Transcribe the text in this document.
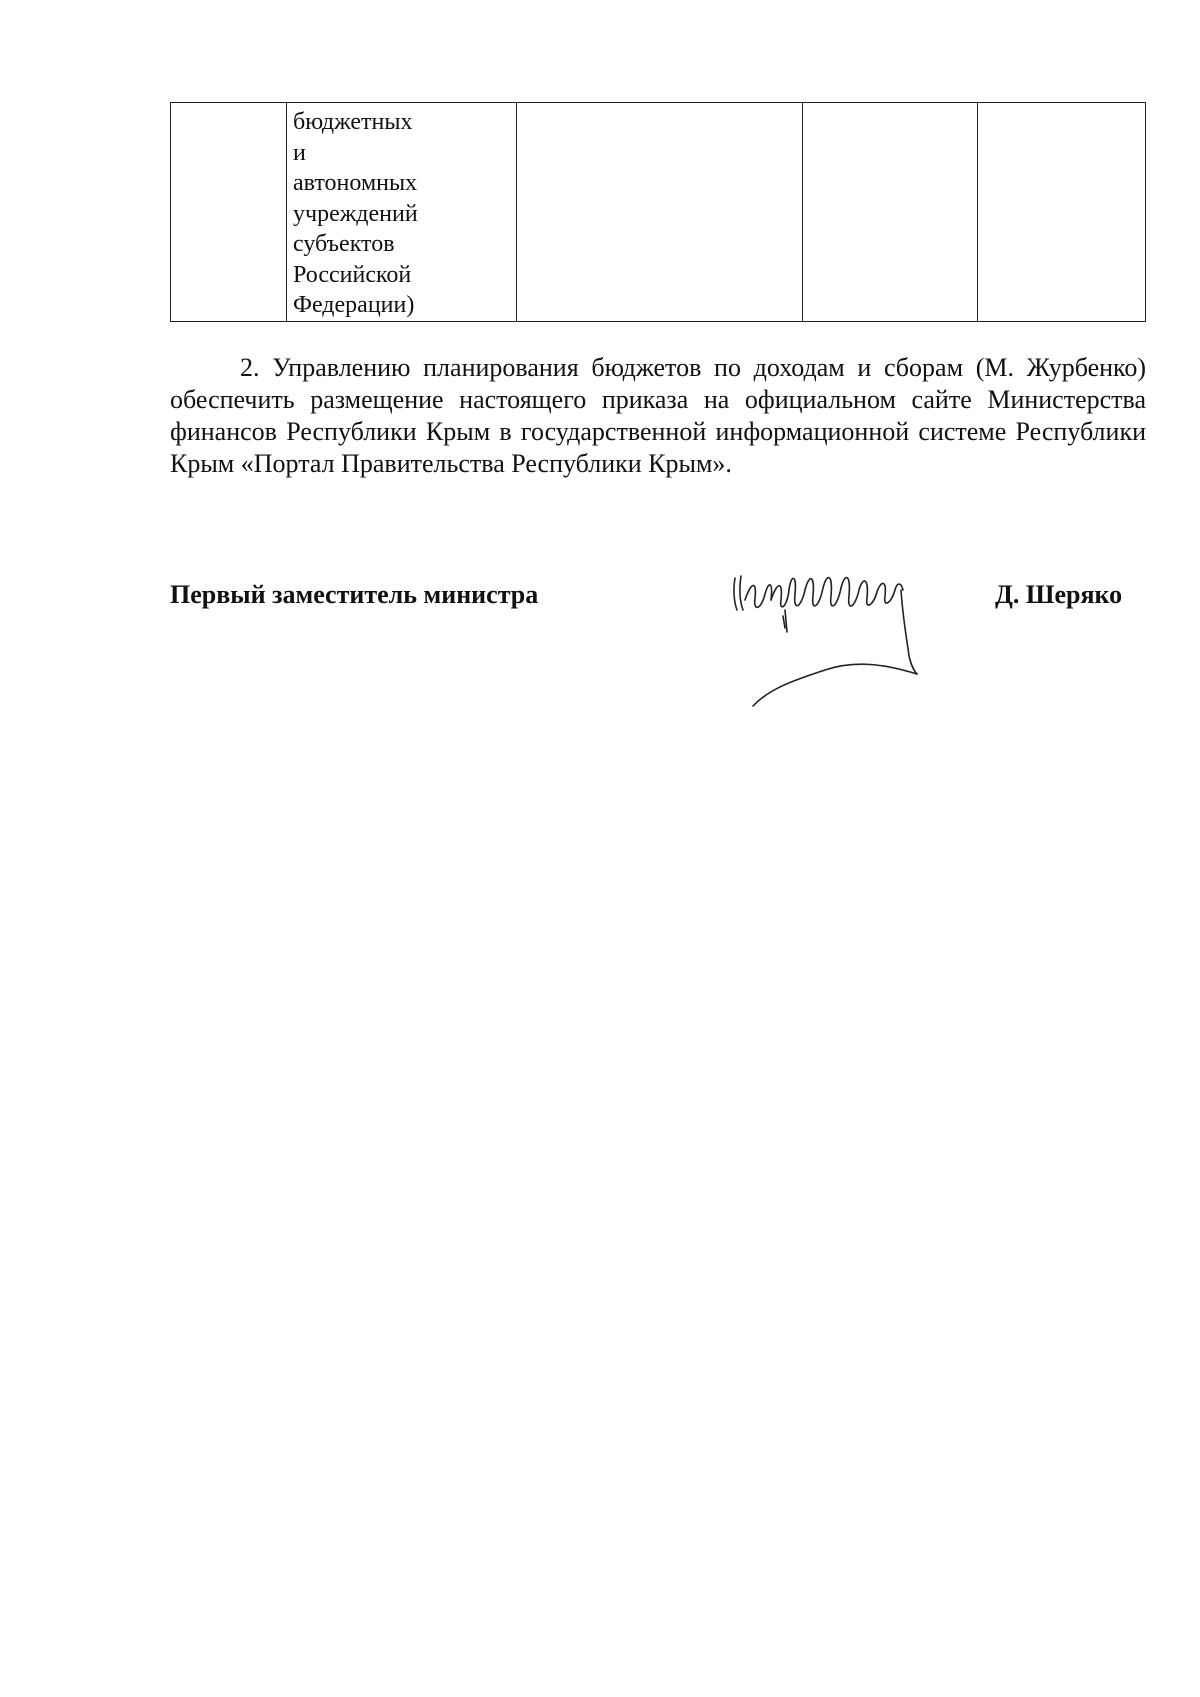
бюджетных
и
автономных
учреждений
субъектов
Российской
Федерации)

2. Управлению планирования бюджетов по доходам и сборам (М. Журбенко) обеспечить размещение настоящего приказа на официальном сайте Министерства финансов Республики Крым в государственной информационной системе Республики Крым «Портал Правительства Республики Крым».

Первый заместитель министра	Д. Шеряко
